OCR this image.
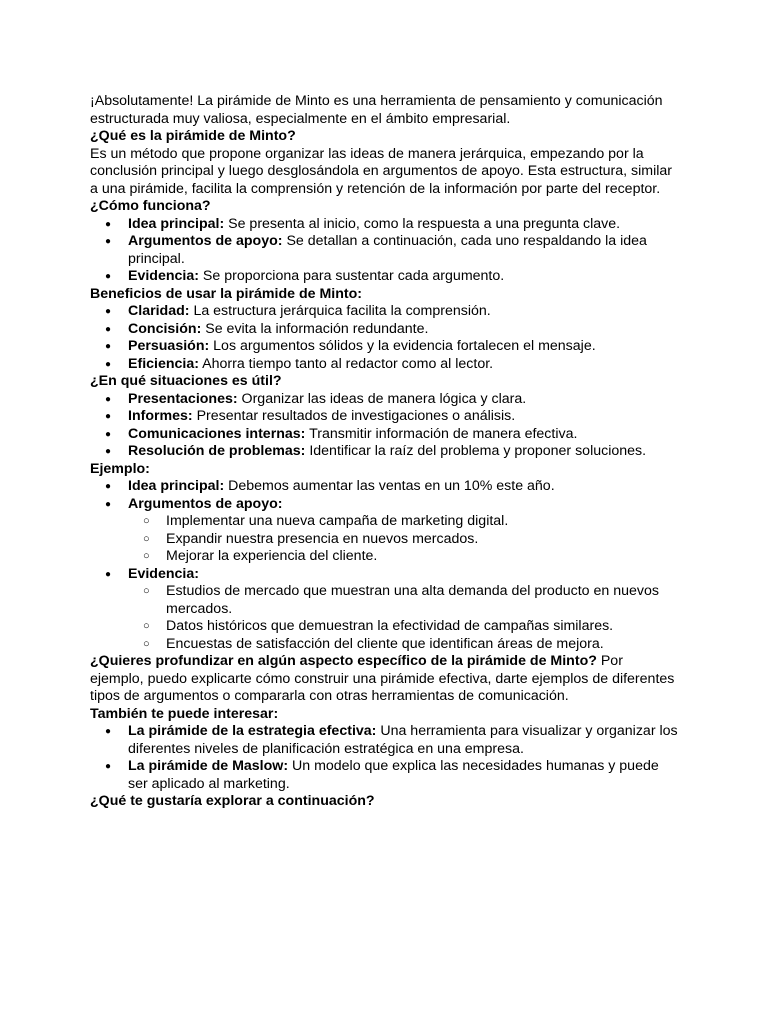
¡Absolutamente! La pirámide de Minto es una herramienta de pensamiento y comunicación estructurada muy valiosa, especialmente en el ámbito empresarial.

¿Qué es la pirámide de Minto?

Es un método que propone organizar las ideas de manera jerárquica, empezando por la conclusión principal y luego desglosándola en argumentos de apoyo. Esta estructura, similar a una pirámide, facilita la comprensión y retención de la información por parte del receptor.

¿Cómo funciona?

● Idea principal: Se presenta al inicio, como la respuesta a una pregunta clave.
● Argumentos de apoyo: Se detallan a continuación, cada uno respaldando la idea principal.
● Evidencia: Se proporciona para sustentar cada argumento.

Beneficios de usar la pirámide de Minto:

● Claridad: La estructura jerárquica facilita la comprensión.
● Concisión: Se evita la información redundante.
● Persuasión: Los argumentos sólidos y la evidencia fortalecen el mensaje.
● Eficiencia: Ahorra tiempo tanto al redactor como al lector.

¿En qué situaciones es útil?

● Presentaciones: Organizar las ideas de manera lógica y clara.
● Informes: Presentar resultados de investigaciones o análisis.
● Comunicaciones internas: Transmitir información de manera efectiva.
● Resolución de problemas: Identificar la raíz del problema y proponer soluciones.

Ejemplo:

● Idea principal: Debemos aumentar las ventas en un 10% este año.
● Argumentos de apoyo:
○ Implementar una nueva campaña de marketing digital.
○ Expandir nuestra presencia en nuevos mercados.
○ Mejorar la experiencia del cliente.
● Evidencia:
○ Estudios de mercado que muestran una alta demanda del producto en nuevos mercados.
○ Datos históricos que demuestran la efectividad de campañas similares.
○ Encuestas de satisfacción del cliente que identifican áreas de mejora.

¿Quieres profundizar en algún aspecto específico de la pirámide de Minto? Por ejemplo, puedo explicarte cómo construir una pirámide efectiva, darte ejemplos de diferentes tipos de argumentos o compararla con otras herramientas de comunicación.

También te puede interesar:

● La pirámide de la estrategia efectiva: Una herramienta para visualizar y organizar los diferentes niveles de planificación estratégica en una empresa.
● La pirámide de Maslow: Un modelo que explica las necesidades humanas y puede ser aplicado al marketing.

¿Qué te gustaría explorar a continuación?
